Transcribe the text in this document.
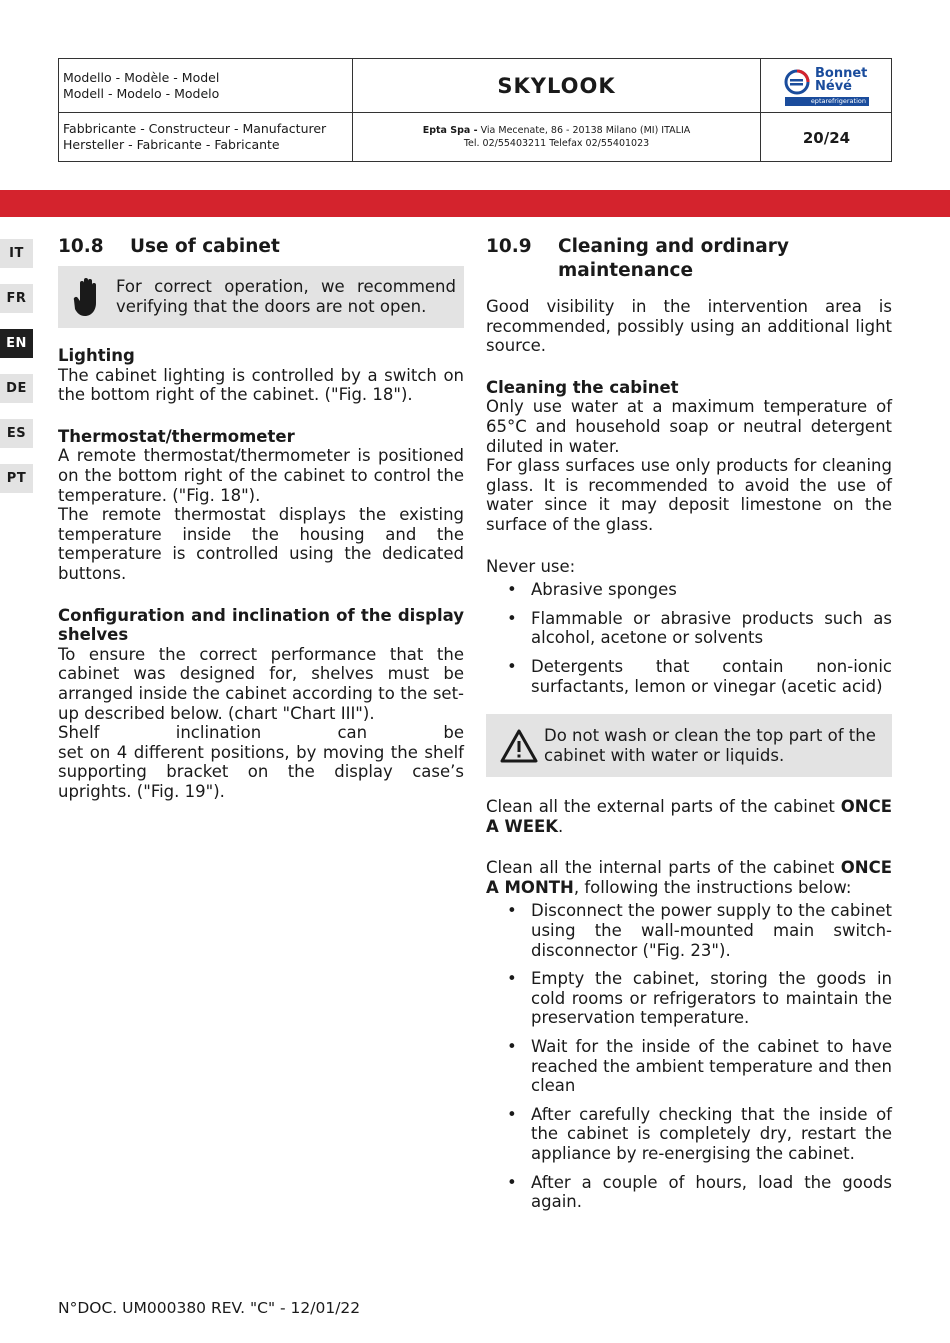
Modello - Modèle - Model
Modell - Modelo - Modelo	SKYLOOK	Bonnet
Névé
eptarefrigeration
Fabbricante - Constructeur - Manufacturer
Hersteller - Fabricante - Fabricante
Epta Spa - Via Mecenate, 86 - 20138 Milano (MI) ITALIA
Tel. 02/55403211 Telefax 02/55401023	20/24
IT
FR
EN
DE
ES
PT
10.8	Use of cabinet
For correct operation, we recommend verifying that the doors are not open.
Lighting

The cabinet lighting is controlled by a switch on the bottom right of the cabinet. ("Fig. 18").

Thermostat/thermometer

A remote thermostat/thermometer is positioned on the bottom right of the cabinet to control the temperature. ("Fig. 18").

The remote thermostat displays the existing temperature inside the housing and the temperature is controlled using the dedicated buttons.

Configuration and inclination of the display shelves

To ensure the correct performance that the cabinet was designed for, shelves must be arranged inside the cabinet according to the set-up described below. (chart "Chart III").

Shelf inclination can be

set on 4 different positions, by moving the shelf supporting bracket on the display case’s uprights. ("Fig. 19").

10.9	Cleaning and ordinary
maintenance

Good visibility in the intervention area is recommended, possibly using an additional light source.

Cleaning the cabinet

Only use water at a maximum temperature of 65°C and household soap or neutral detergent diluted in water.

For glass surfaces use only products for cleaning glass. It is recommended to avoid the use of water since it may deposit limestone on the surface of the glass.

Never use:

• Abrasive sponges
• Flammable or abrasive products such as alcohol, acetone or solvents
• Detergents that contain non-ionic surfactants, lemon or vinegar (acetic acid)
Do not wash or clean the top part of the cabinet with water or liquids.

Clean all the external parts of the cabinet ONCE A WEEK.

Clean all the internal parts of the cabinet ONCE A MONTH, following the instructions below:

• Disconnect the power supply to the cabinet using the wall-mounted main switch-disconnector ("Fig. 23").
• Empty the cabinet, storing the goods in cold rooms or refrigerators to maintain the preservation temperature.
• Wait for the inside of the cabinet to have reached the ambient temperature and then clean
• After carefully checking that the inside of the cabinet is completely dry, restart the appliance by re-energising the cabinet.
• After a couple of hours, load the goods again.
N°DOC. UM000380 REV. "C" - 12/01/22
